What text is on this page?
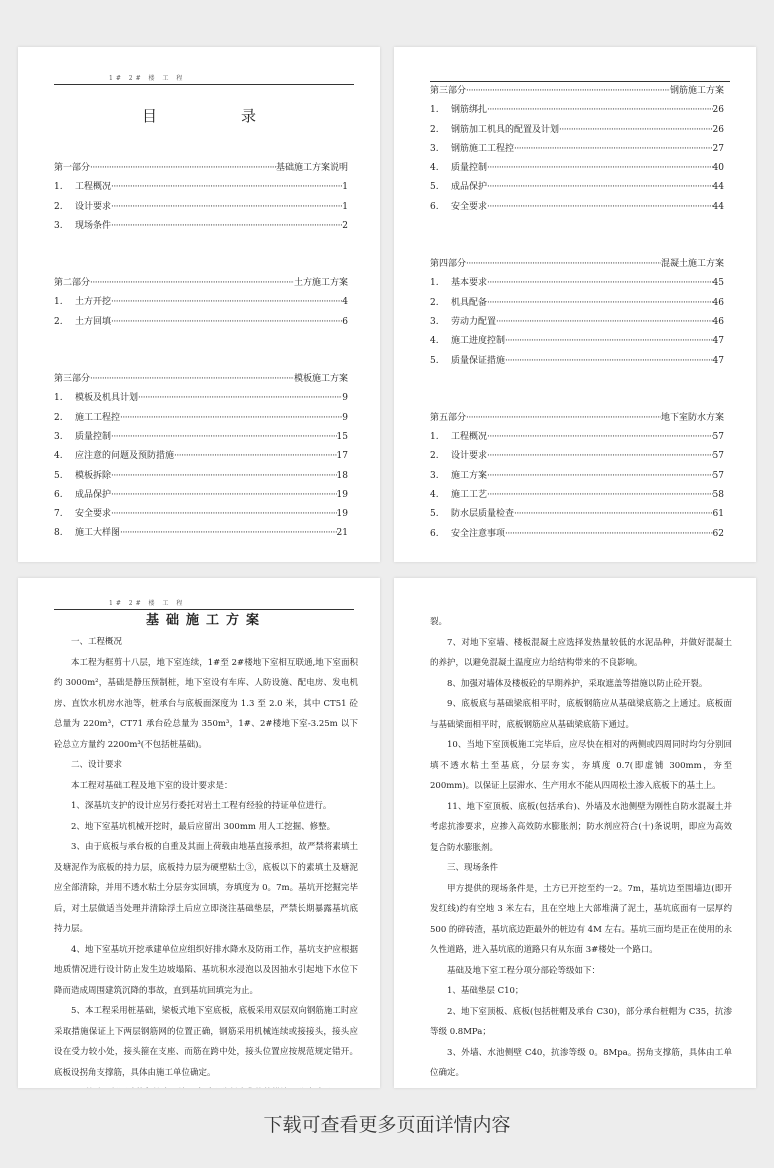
1# 2# 楼 工 程
目录
第一部分 ·····	基础施工方案说明
1.	工程概况 ·····	1
2.	设计要求 ·····	1
3.	现场条件 ·····	2
第二部分 ·····	土方施工方案
1.	土方开挖 ·····	4
2.	土方回填 ·····	6
第三部分 ·····	模板施工方案
1.	模板及机具计划 ·····	9
2.	施工工程控 ·····	9
3.	质量控制 ·····	15
4.	应注意的问题及预防措施 ·····	17
5.	模板拆除 ·····	18
6.	成品保护 ·····	19
7.	安全要求 ·····	19
8.	施工大样图 ·····	21
第三部分 ·····	钢筋施工方案
1.	钢筋绑扎 ·····	26
2.	钢筋加工机具的配置及计划 ·····	26
3.	钢筋施工工程控 ·····	27
4.	质量控制 ·····	40
5.	成品保护 ·····	44
6.	安全要求 ·····	44
第四部分 ·····	混凝土施工方案
1.	基本要求 ·····	45
2.	机具配备 ·····	46
3.	劳动力配置 ·····	46
4.	施工进度控制 ·····	47
5.	质量保证措施 ·····	47
第五部分 ·····	地下室防水方案
1.	工程概况 ·····	57
2.	设计要求 ·····	57
3.	施工方案 ·····	57
4.	施工工艺 ·····	58
5.	防水层质量检查 ·····	61
6.	安全注意事项 ·····	62
1# 2# 楼 工 程
基础施工方案

一、工程概况

本工程为框剪十八层，地下室连续，1#至 2#楼地下室相互联通,地下室面积约 3000m²，基础是静压预制桩，地下室设有车库、人防设施、配电房、发电机房、直饮水机房水池等，桩承台与底板面深度为 1.3 至 2.0 米，其中 CT51 砼总量为 220m³，CT71 承台砼总量为 350m³，1#、2#楼地下室-3.25m 以下砼总立方量约 2200m³(不包括桩基础)。

二、设计要求

本工程对基础工程及地下室的设计要求是：

1、深基坑支护的设计应另行委托对岩土工程有经验的持证单位进行。

2、地下室基坑机械开挖时，最后应留出 300mm 用人工挖掘、修整。

3、由于底板与承台板的自重及其面上荷载由地基直接承担，故严禁将素填土及塘泥作为底板的持力层，底板持力层为硬塑粘土③，底板以下的素填土及塘泥应全部清除，并用不透水粘土分层夯实回填，夯填度为 0。7m。基坑开挖掘完毕后，对土层做适当处理并清除浮土后应立即浇注基础垫层，严禁长期暴露基坑底持力层。

4、地下室基坑开挖承建单位应组织好排水降水及防雨工作，基坑支护应根据地质情况进行设计防止发生边坡塌陷、基坑积水浸泡以及因抽水引起地下水位下降而造成周围建筑沉降的事故，直到基坑回填完为止。

5、本工程采用桩基础，梁板式地下室底板，底板采用双层双向钢筋施工时应采取措施保证上下两层钢筋网的位置正确，钢筋采用机械连续或接接头，接头应设在受力较小处，接头箍在支座、而筋在跨中处，接头位置应按规范规定错开。底板设拐角支撑筋，具体由施工单位确定。

裂。

7、对地下室墙、楼板混凝土应选择发热量较低的水泥品种，并做好混凝土的养护，以避免混凝土温度应力给结构带来的不良影响。

8、加强对墙体及楼板砼的早期养护，采取遮盖等措施以防止砼开裂。

9、底板底与基础梁底相平时，底板钢筋应从基础梁底筋之上通过。底板面与基础梁面相平时，底板钢筋应从基础梁底筋下通过。

10、当地下室顶板施工完毕后，应尽快在相对的两侧或四周同时均匀分别回填不透水粘土至基底，分层夯实，夯填度 0.7(即虚铺 300mm，夯至 200mm)。以保证上层滞水、生产用水不能从四周松土渗入底板下的基土上。

11、地下室顶板、底板(包括承台)、外墙及水池侧壁为刚性自防水混凝土并考虑抗渗要求，应掺入高效防水膨胀剂；防水剂应符合(十)条说明，即应为高效复合防水膨胀剂。

三、现场条件

甲方提供的现场条件是，土方已开挖至约一2。7m，基坑边至围墙边(即开发红线)约有空地 3 米左右，且在空地上大部堆满了泥土，基坑底面有一层厚约 500 的碎砖渣，基坑底边距最外的桩边有 4M 左右。基坑三面均是正在使用的永久性道路，进入基坑底的道路只有从东面 3#楼处一个路口。

基础及地下室工程分项分部砼等级如下：

1、基础垫层 C10；

2、地下室顶板、底板(包括桩帽及承台 C30)，部分承台桩帽为 C35，抗渗等级 0.8MPa；

3、外墙、水池侧壁 C40，抗渗等级 0。8Mpa。拐角支撑筋，具体由工单位确定。

下载可查看更多页面详情内容
